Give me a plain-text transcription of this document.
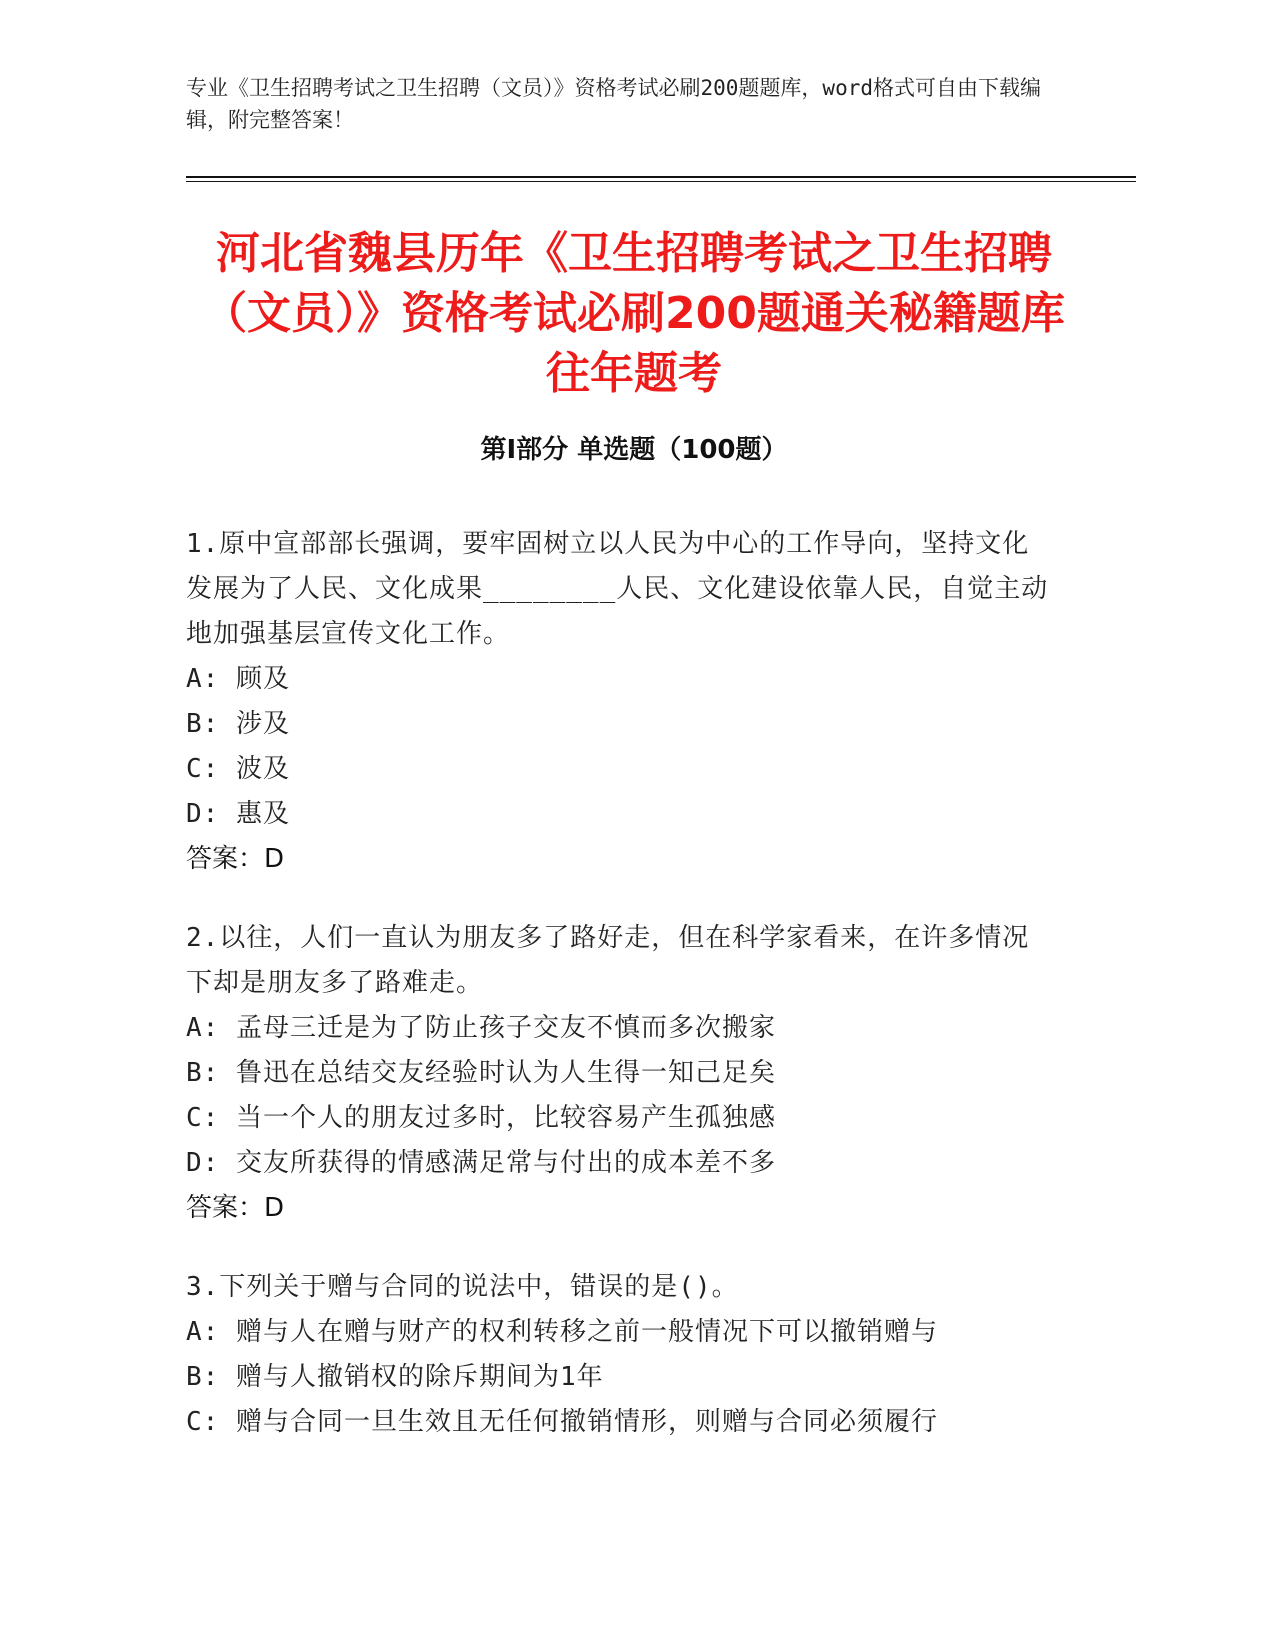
专业《卫生招聘考试之卫生招聘（文员）》资格考试必刷200题题库，word格式可自由下载编辑，附完整答案！
河北省魏县历年《卫生招聘考试之卫生招聘（文员）》资格考试必刷200题通关秘籍题库往年题考
第Ⅰ部分 单选题（100题）
1.原中宣部部长强调，要牢固树立以人民为中心的工作导向，坚持文化发展为了人民、文化成果________人民、文化建设依靠人民，自觉主动地加强基层宣传文化工作。
A: 顾及
B: 涉及
C: 波及
D: 惠及
答案：D
2.以往，人们一直认为朋友多了路好走，但在科学家看来，在许多情况下却是朋友多了路难走。
A: 孟母三迁是为了防止孩子交友不慎而多次搬家
B: 鲁迅在总结交友经验时认为人生得一知己足矣
C: 当一个人的朋友过多时，比较容易产生孤独感
D: 交友所获得的情感满足常与付出的成本差不多
答案：D
3.下列关于赠与合同的说法中，错误的是()。
A: 赠与人在赠与财产的权利转移之前一般情况下可以撤销赠与
B: 赠与人撤销权的除斥期间为1年
C: 赠与合同一旦生效且无任何撤销情形，则赠与合同必须履行
